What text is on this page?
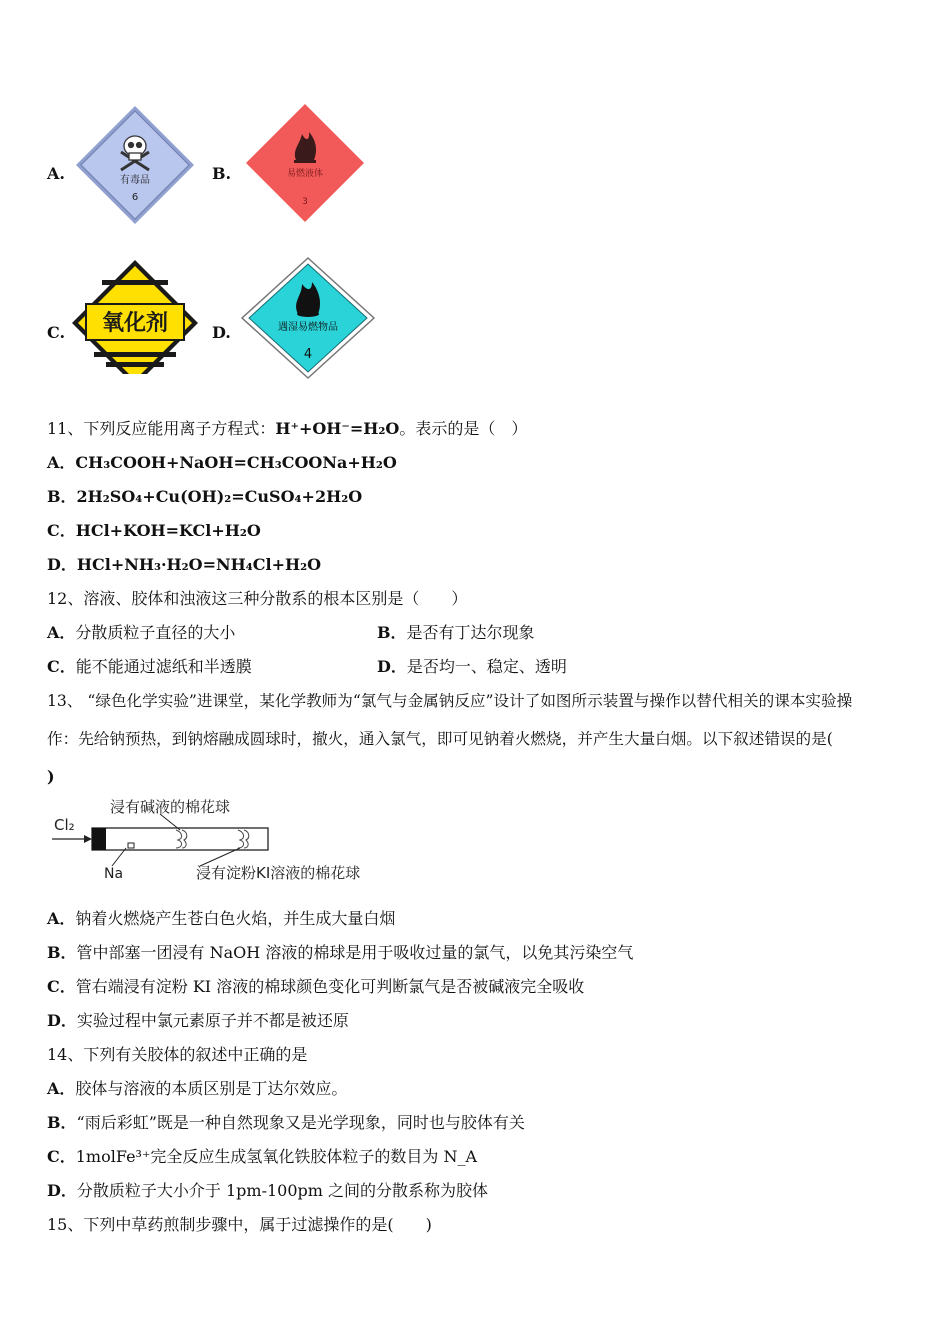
A.	有毒品
6
B.	易燃液体
3
C. 氧化剂	D.	遇湿易燃物品
4
11、下列反应能用离子方程式：H⁺+OH⁻=H₂O。表示的是（　）
A．CH₃COOH+NaOH=CH₃COONa+H₂O
B．2H₂SO₄+Cu(OH)₂=CuSO₄+2H₂O
C．HCl+KOH=KCl+H₂O
D．HCl+NH₃·H₂O=NH₄Cl+H₂O
12、溶液、胶体和浊液这三种分散系的根本区别是（　　）
A．分散质粒子直径的大小	B．是否有丁达尔现象
C．能不能通过滤纸和半透膜	D．是否均一、稳定、透明
13、 “绿色化学实验”进课堂，某化学教师为“氯气与金属钠反应”设计了如图所示装置与操作以替代相关的课本实验操
作：先给钠预热，到钠熔融成圆球时，撤火，通入氯气，即可见钠着火燃烧，并产生大量白烟。以下叙述错误的是(
)
Cl₂
浸有碱液的棉花球
Na	浸有淀粉KI溶液的棉花球
A．钠着火燃烧产生苍白色火焰，并生成大量白烟
B．管中部塞一团浸有 NaOH 溶液的棉球是用于吸收过量的氯气，以免其污染空气
C．管右端浸有淀粉 KI 溶液的棉球颜色变化可判断氯气是否被碱液完全吸收
D．实验过程中氯元素原子并不都是被还原
14、下列有关胶体的叙述中正确的是
A．胶体与溶液的本质区别是丁达尔效应。
B．“雨后彩虹”既是一种自然现象又是光学现象，同时也与胶体有关
C．1molFe³⁺完全反应生成氢氧化铁胶体粒子的数目为 N_A
D．分散质粒子大小介于 1pm-100pm 之间的分散系称为胶体
15、下列中草药煎制步骤中，属于过滤操作的是(　　)
